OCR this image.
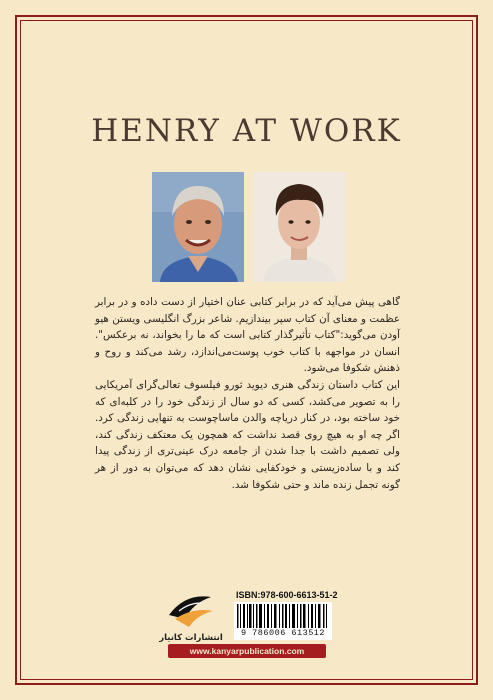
HENRY AT WORK

گاهی پیش می‌آید که در برابر کتابی عنان اختیار از دست داده و در برابر عظمت و معنای آن کتاب سپر بیندازیم. شاعر بزرگ انگلیسی ویستن هیو آودن می‌گوید:"کتاب تأثیرگذار کتابی است که ما را بخواند، نه برعکس". انسان در مواجهه با کتاب خوب پوست‌می‌اندازد، رشد می‌کند و روح و ذهنش شکوفا می‌شود.

این کتاب داستان زندگی هنری دیوید ثورو فیلسوف تعالی‌گرای آمریکایی را به تصویر می‌کشد، کسی که دو سال از زندگی خود را در کلبه‌ای که خود ساخته بود، در کنار دریاچه والدن ماساچوست به تنهایی زندگی کرد. اگر چه او به هیچ روی قصد نداشت که همچون یک معتکف زندگی کند، ولی تصمیم داشت با جدا شدن از جامعه درک عینی‌تری از زندگی پیدا کند و با ساده‌زیستی و خودکفایی نشان دهد که می‌توان به دور از هر گونه تجمل زنده ماند و حتی شکوفا شد.

انتشارات کانیار
ISBN:978-600-6613-51-2
9 786006 613512
www.kanyarpublication.com
